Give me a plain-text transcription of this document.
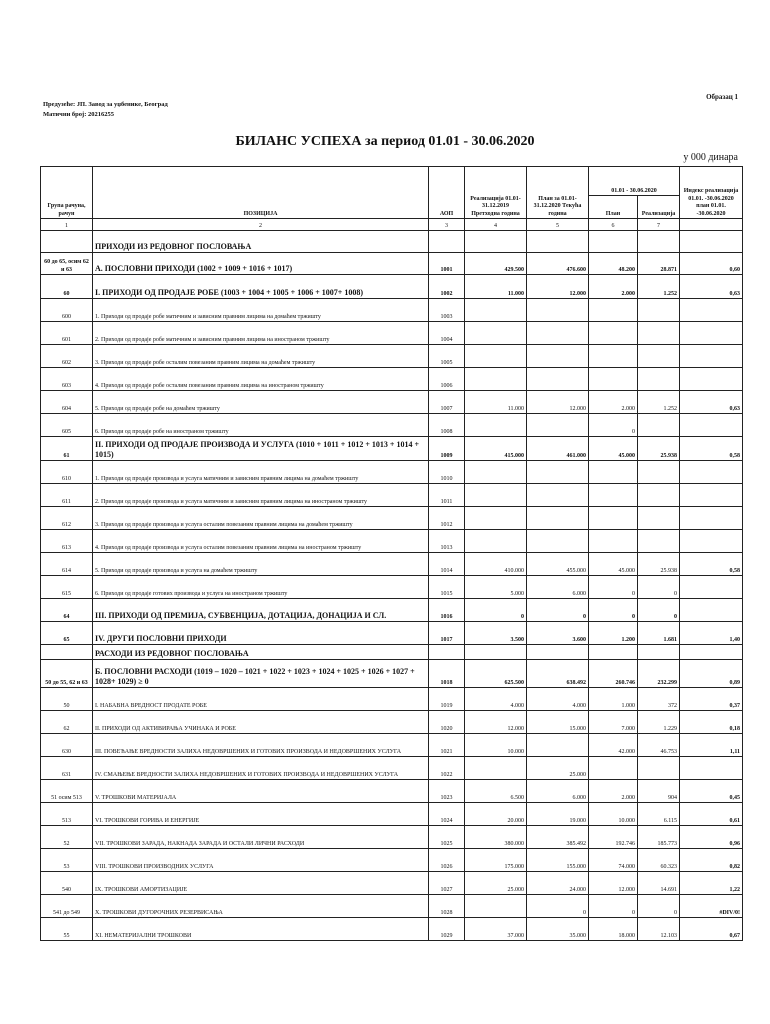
Образац 1
Предузеће: ЈП. Завод за уџбенике, Београд
Матични број: 20216255
БИЛАНС УСПЕХА за период 01.01 - 30.06.2020
у 000 динара
Група рачуна, рачун	ПОЗИЦИЈА	АОП	Реализација 01.01-31.12.2019 Претходна година	План за 01.01-31.12.2020 Текућа година	01.01 - 30.06.2020		Индекс реализација 01.01. -30.06.2020 план 01.01. -30.06.2020
					План	Реализација	
1	2	3	4	5	6	7	
	ПРИХОДИ ИЗ РЕДОВНОГ ПОСЛОВАЊА						
60 до 65, осим 62 и 63	А. ПОСЛОВНИ ПРИХОДИ (1002 + 1009 + 1016 + 1017)	1001	429.500	476.600	48.200	28.871	0,60
60	I. ПРИХОДИ ОД ПРОДАЈЕ РОБЕ (1003 + 1004 + 1005 + 1006 + 1007+ 1008)	1002	11.000	12.000	2.000	1.252	0,63
600	1. Приходи од продаје робе матичним и зависним правним лицима на домаћем тржишту	1003					
601	2. Приходи од продаје робе матичним и зависним правним лицима на иностраном тржишту	1004					
602	3. Приходи од продаје робе осталим повезаним правним лицима на домаћем тржишту	1005					
603	4. Приходи од продаје робе осталим повезаним правним лицима на иностраном тржишту	1006					
604	5. Приходи од продаје робе на домаћем тржишту	1007	11.000	12.000	2.000	1.252	0,63
605	6. Приходи од продаје робе на иностраном тржишту	1008			0		
61	II. ПРИХОДИ ОД ПРОДАЈЕ ПРОИЗВОДА И УСЛУГА (1010 + 1011 + 1012 + 1013 + 1014 + 1015)	1009	415.000	461.000	45.000	25.938	0,58
610	1. Приходи од продаје производа и услуга матичним и зависним правним лицима на домаћем тржишту	1010					
611	2. Приходи од продаје производа и услуга матичним и зависним правним лицима на иностраном тржишту	1011					
612	3. Приходи од продаје производа и услуга осталим повезаним правним лицима на домаћем тржишту	1012					
613	4. Приходи од продаје производа и услуга осталим повезаним правним лицима на иностраном тржишту	1013					
614	5. Приходи од продаје производа и услуга на домаћем тржишту	1014	410.000	455.000	45.000	25.938	0,58
615	6. Приходи од продаје готових производа и услуга на иностраном тржишту	1015	5.000	6.000	0	0	
64	III. ПРИХОДИ ОД ПРЕМИЈА, СУБВЕНЦИЈА, ДОТАЦИЈА, ДОНАЦИЈА И СЛ.	1016	0	0	0	0	
65	IV. ДРУГИ ПОСЛОВНИ ПРИХОДИ	1017	3.500	3.600	1.200	1.681	1,40
	РАСХОДИ ИЗ РЕДОВНОГ ПОСЛОВАЊА						
50 до 55, 62 и 63	Б. ПОСЛОВНИ РАСХОДИ (1019 – 1020 – 1021 + 1022 + 1023 + 1024 + 1025 + 1026 + 1027 + 1028+ 1029) ≥ 0	1018	625.500	638.492	260.746	232.299	0,89
50	I. НАБАВНА ВРЕДНОСТ ПРОДАТЕ РОБЕ	1019	4.000	4.000	1.000	372	0,37
62	II. ПРИХОДИ ОД АКТИВИРАЊА УЧИНАКА И РОБЕ	1020	12.000	15.000	7.000	1.229	0,18
630	III. ПОВЕЋАЊЕ ВРЕДНОСТИ ЗАЛИХА НЕДОВРШЕНИХ И ГОТОВИХ ПРОИЗВОДА И НЕДОВРШЕНИХ УСЛУГА	1021	10.000		42.000	46.753	1,11
631	IV. СМАЊЕЊЕ ВРЕДНОСТИ ЗАЛИХА НЕДОВРШЕНИХ И ГОТОВИХ ПРОИЗВОДА И НЕДОВРШЕНИХ УСЛУГА	1022		25.000			
51 осим 513	V. ТРОШКОВИ МАТЕРИЈАЛА	1023	6.500	6.000	2.000	904	0,45
513	VI. ТРОШКОВИ ГОРИВА И ЕНЕРГИЈЕ	1024	20.000	19.000	10.000	6.115	0,61
52	VII. ТРОШКОВИ ЗАРАДА, НАКНАДА ЗАРАДА И ОСТАЛИ ЛИЧНИ РАСХОДИ	1025	380.000	385.492	192.746	185.773	0,96
53	VIII. ТРОШКОВИ ПРОИЗВОДНИХ УСЛУГА	1026	175.000	155.000	74.000	60.323	0,82
540	IX. ТРОШКОВИ АМОРТИЗАЦИЈЕ	1027	25.000	24.000	12.000	14.691	1,22
541 до 549	X. ТРОШКОВИ ДУГОРОЧНИХ РЕЗЕРВИСАЊА	1028		0	0	0	#DIV/0!
55	XI. НЕМАТЕРИЈАЛНИ ТРОШКОВИ	1029	37.000	35.000	18.000	12.103	0,67
